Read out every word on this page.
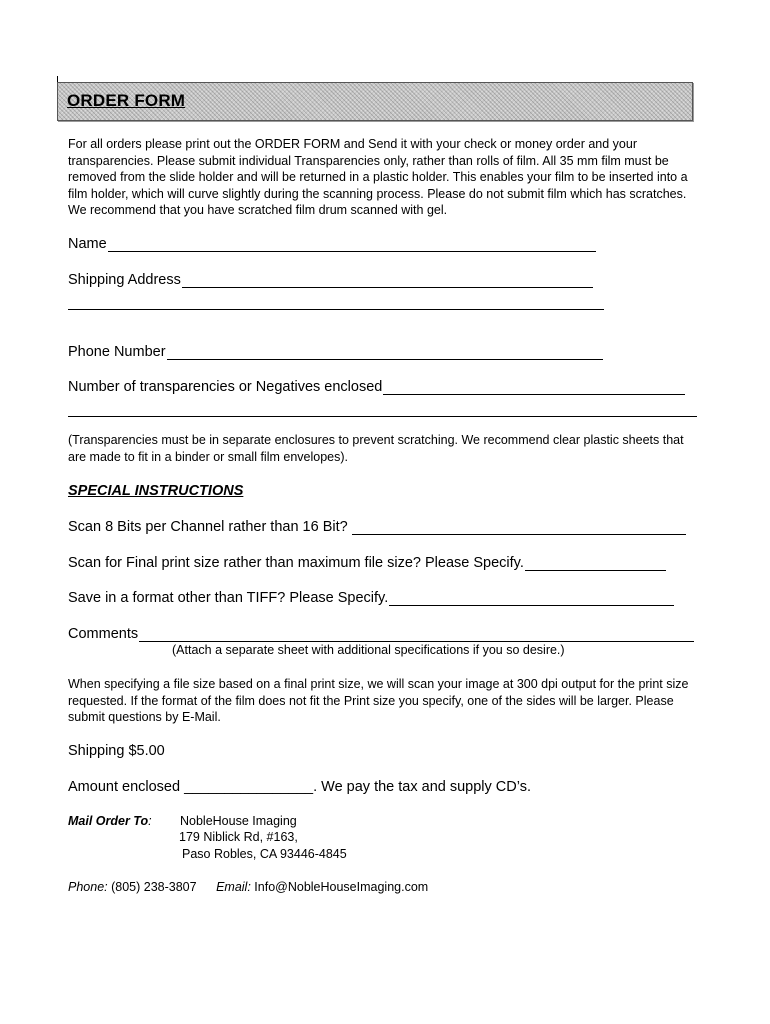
ORDER FORM
For all orders please print out the ORDER FORM and Send it with your check or money order and your transparencies. Please submit individual Transparencies only, rather than rolls of film. All 35 mm film must be removed from the slide holder and will be returned in a plastic holder. This enables your film to be inserted into a film holder, which will curve slightly during the scanning process. Please do not submit film which has scratches. We recommend that you have scratched film drum scanned with gel.
Name
Shipping Address
Phone Number
Number of transparencies or Negatives enclosed
(Transparencies must be in separate enclosures to prevent scratching. We recommend clear plastic sheets that are made to fit in a binder or small film envelopes).
SPECIAL INSTRUCTIONS
Scan 8 Bits per Channel rather than 16 Bit?
Scan for Final print size rather than maximum file size? Please Specify.
Save in a format other than TIFF? Please Specify.
Comments
(Attach a separate sheet with additional specifications if you so desire.)
When specifying a file size based on a final print size, we will scan your image at 300 dpi output for the print size requested. If the format of the film does not fit the Print size you specify, one of the sides will be larger. Please submit questions by E-Mail.
Shipping $5.00
Amount enclosed ________________. We pay the tax and supply CD’s.
Mail Order To: NobleHouse Imaging
179 Niblick Rd, #163,
Paso Robles, CA 93446-4845
Phone: (805) 238-3807 Email: Info@NobleHouseImaging.com
